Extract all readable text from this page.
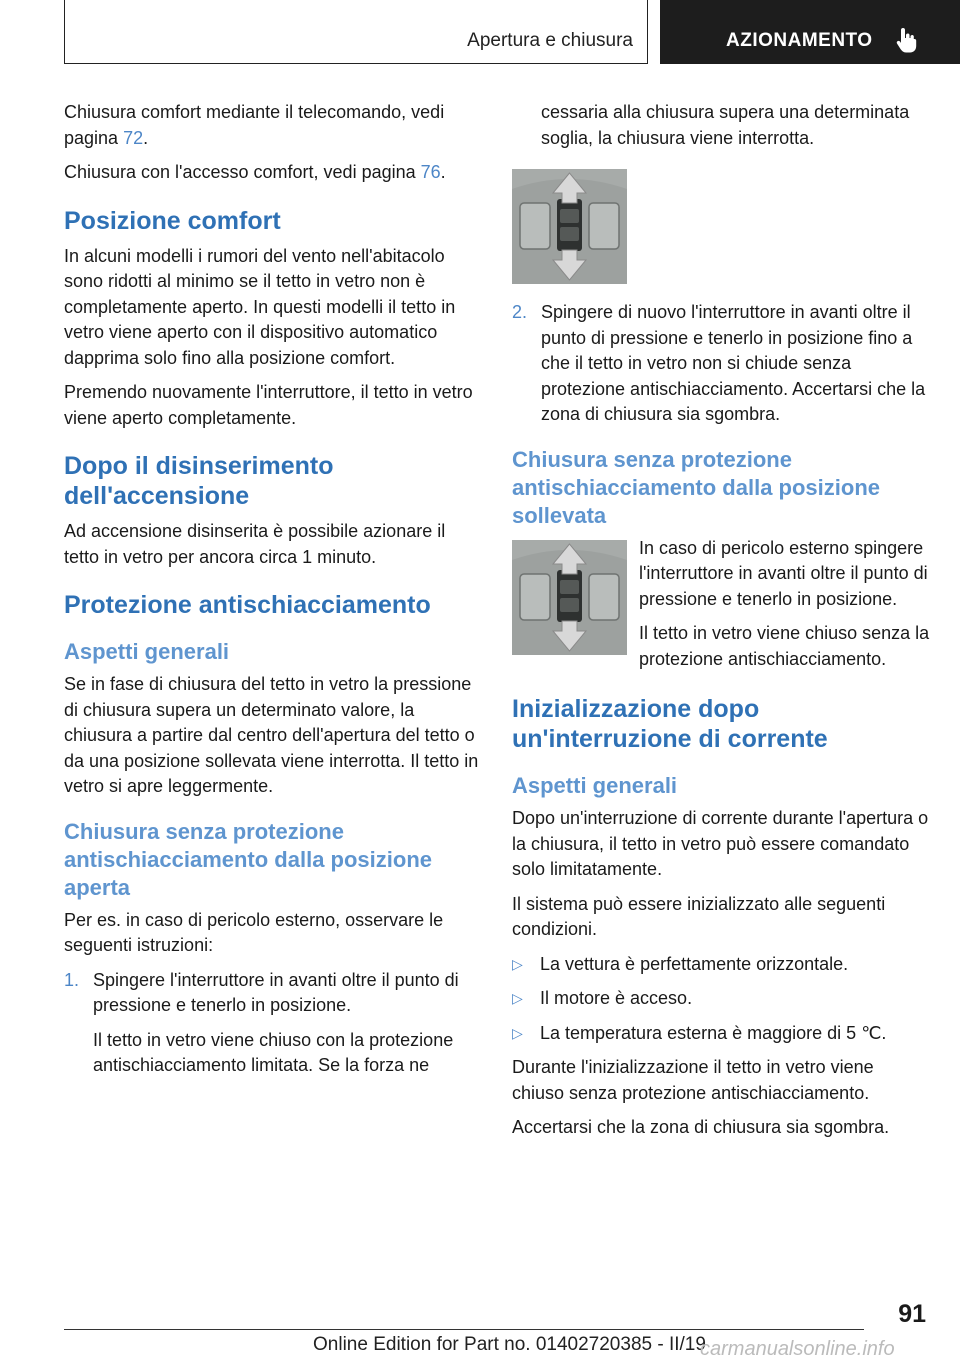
Apertura e chiusura	AZIONAMENTO

Chiusura comfort mediante il telecomando, vedi pagina 72.

Chiusura con l'accesso comfort, vedi pagina 76.

Posizione comfort

In alcuni modelli i rumori del vento nell'abitacolo sono ridotti al minimo se il tetto in vetro non è completamente aperto. In questi modelli il tetto in vetro viene aperto con il dispositivo automatico dapprima solo fino alla posizione comfort.

Premendo nuovamente l'interruttore, il tetto in vetro viene aperto completamente.

Dopo il disinserimento dell'accensione

Ad accensione disinserita è possibile azionare il tetto in vetro per ancora circa 1 minuto.

Protezione antischiacciamento
Aspetti generali

Se in fase di chiusura del tetto in vetro la pressione di chiusura supera un determinato valore, la chiusura a partire dal centro dell'apertura del tetto o da una posizione sollevata viene interrotta. Il tetto in vetro si apre leggermente.

Chiusura senza protezione antischiacciamento dalla posizione aperta

Per es. in caso di pericolo esterno, osservare le seguenti istruzioni:

1. Spingere l'interruttore in avanti oltre il punto di pressione e tenerlo in posizione.

Il tetto in vetro viene chiuso con la protezione antischiacciamento limitata. Se la forza ne

cessaria alla chiusura supera una determinata soglia, la chiusura viene interrotta.

2. Spingere di nuovo l'interruttore in avanti oltre il punto di pressione e tenerlo in posizione fino a che il tetto in vetro non si chiude senza protezione antischiacciamento. Accertarsi che la zona di chiusura sia sgombra.

Chiusura senza protezione antischiacciamento dalla posizione sollevata

In caso di pericolo esterno spingere l'interruttore in avanti oltre il punto di pressione e tenerlo in posizione.

Il tetto in vetro viene chiuso senza la protezione antischiacciamento.

Inizializzazione dopo un'interruzione di corrente
Aspetti generali

Dopo un'interruzione di corrente durante l'apertura o la chiusura, il tetto in vetro può essere comandato solo limitatamente.

Il sistema può essere inizializzato alle seguenti condizioni.

▷ La vettura è perfettamente orizzontale.
▷ Il motore è acceso.
▷ La temperatura esterna è maggiore di 5 ℃.

Durante l'inizializzazione il tetto in vetro viene chiuso senza protezione antischiacciamento.

Accertarsi che la zona di chiusura sia sgombra.

91
Online Edition for Part no. 01402720385 - II/19
carmanualsonline.info
